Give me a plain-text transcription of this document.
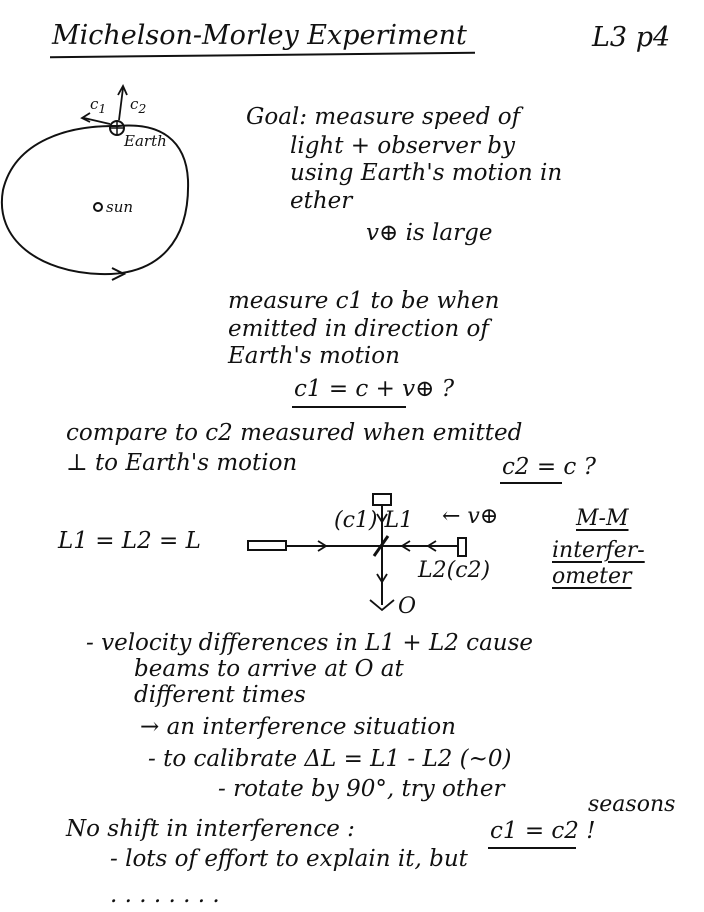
Michelson-Morley Experiment	L3 p4
$c_1$ $c_2$
Earth
sun
Goal: measure speed of
light + observer by
using Earth's motion in
ether
v⊕ is large
measure c1 to be when
emitted in direction of
Earth's motion
c1 = c + v⊕ ?
compare to c2 measured when emitted
⊥ to Earth's motion	c2 = c ?
L1 = L2 = L
(c1) L1 ← v⊕
L2(c2)
O
M-M
interfer-
ometer
- velocity differences in L1 + L2 cause
beams to arrive at O at
different times
→ an interference situation
- to calibrate ΔL = L1 - L2 (~0)
- rotate by 90°, try other
seasons
No shift in interference :	c1 = c2 !
- lots of effort to explain it, but
. . . . . . . .
